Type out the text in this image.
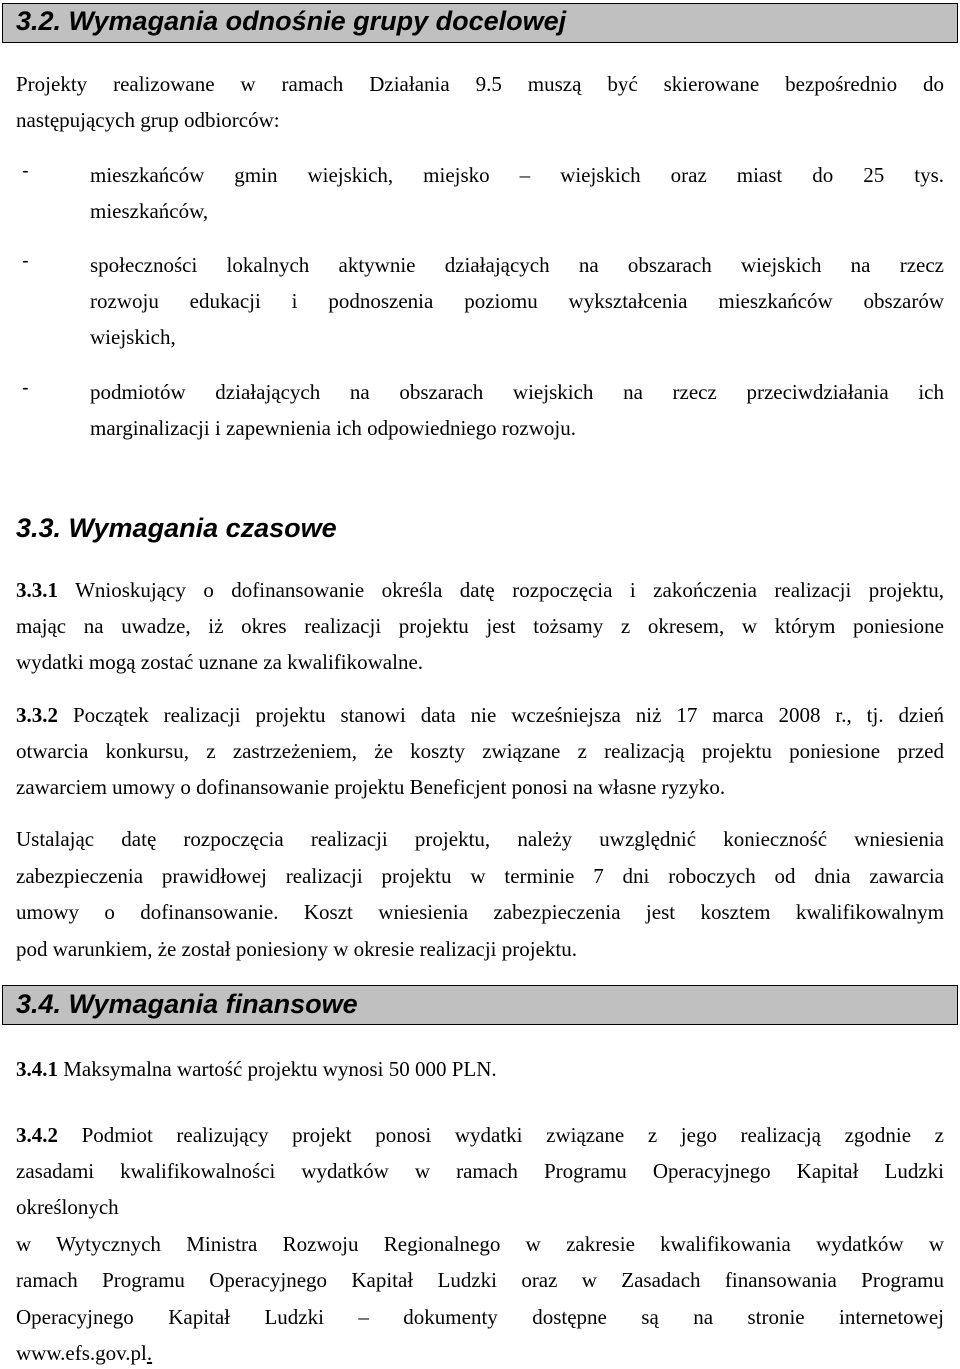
3.2. Wymagania odnośnie grupy docelowej
Projekty realizowane w ramach Działania 9.5 muszą być skierowane bezpośrednio do
następujących grup odbiorców:
-	mieszkańców gmin wiejskich, miejsko – wiejskich oraz miast do 25 tys.
mieszkańców,
-	społeczności lokalnych aktywnie działających na obszarach wiejskich na rzecz
rozwoju edukacji i podnoszenia poziomu wykształcenia mieszkańców obszarów
wiejskich,
-	podmiotów działających na obszarach wiejskich na rzecz przeciwdziałania ich
marginalizacji i zapewnienia ich odpowiedniego rozwoju.
3.3. Wymagania czasowe
3.3.1 Wnioskujący o dofinansowanie określa datę rozpoczęcia i zakończenia realizacji projektu,
mając na uwadze, iż okres realizacji projektu jest tożsamy z okresem, w którym poniesione
wydatki mogą zostać uznane za kwalifikowalne.
3.3.2 Początek realizacji projektu stanowi data nie wcześniejsza niż 17 marca 2008 r., tj. dzień
otwarcia konkursu, z zastrzeżeniem, że koszty związane z realizacją projektu poniesione przed
zawarciem umowy o dofinansowanie projektu Beneficjent ponosi na własne ryzyko.
Ustalając datę rozpoczęcia realizacji projektu, należy uwzględnić konieczność wniesienia
zabezpieczenia prawidłowej realizacji projektu w terminie 7 dni roboczych od dnia zawarcia
umowy o dofinansowanie. Koszt wniesienia zabezpieczenia jest kosztem kwalifikowalnym
pod warunkiem, że został poniesiony w okresie realizacji projektu.
3.4. Wymagania finansowe
3.4.1 Maksymalna wartość projektu wynosi 50 000 PLN.
3.4.2 Podmiot realizujący projekt ponosi wydatki związane z jego realizacją zgodnie z
zasadami kwalifikowalności wydatków w ramach Programu Operacyjnego Kapitał Ludzki
określonych
w Wytycznych Ministra Rozwoju Regionalnego w zakresie kwalifikowania wydatków w
ramach Programu Operacyjnego Kapitał Ludzki oraz w Zasadach finansowania Programu
Operacyjnego Kapitał Ludzki – dokumenty dostępne są na stronie internetowej
www.efs.gov.pl.
